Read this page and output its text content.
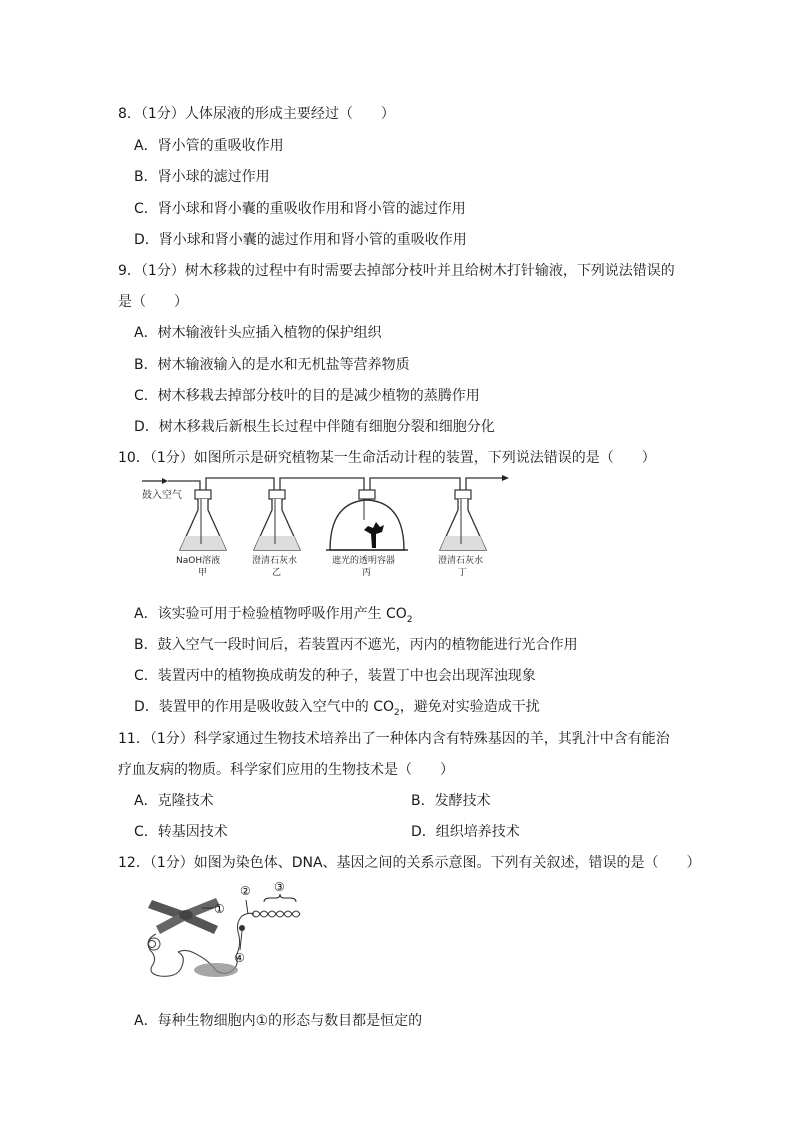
8．（1分）人体尿液的形成主要经过（　　）
A．肾小管的重吸收作用
B．肾小球的滤过作用
C．肾小球和肾小囊的重吸收作用和肾小管的滤过作用
D．肾小球和肾小囊的滤过作用和肾小管的重吸收作用
9．（1分）树木移栽的过程中有时需要去掉部分枝叶并且给树木打针输液，下列说法错误的
是（　　）
A．树木输液针头应插入植物的保护组织
B．树木输液输入的是水和无机盐等营养物质
C．树木移栽去掉部分枝叶的目的是减少植物的蒸腾作用
D．树木移栽后新根生长过程中伴随有细胞分裂和细胞分化
10．（1分）如图所示是研究植物某一生命活动计程的装置，下列说法错误的是（　　）
鼓入空气
NaOH溶液
甲
澄清石灰水
乙
遮光的透明容器
丙
澄清石灰水
丁
A．该实验可用于检验植物呼吸作用产生 $CO_2$
B．鼓入空气一段时间后，若装置丙不遮光，丙内的植物能进行光合作用
C．装置丙中的植物换成萌发的种子，装置丁中也会出现浑浊现象
D．装置甲的作用是吸收鼓入空气中的 $CO_2$，避免对实验造成干扰
11．（1分）科学家通过生物技术培养出了一种体内含有特殊基因的羊，其乳汁中含有能治
疗血友病的物质。科学家们应用的生物技术是（　　）
A．克隆技术	B．发酵技术
C．转基因技术	D．组织培养技术
12．（1分）如图为染色体、DNA、基因之间的关系示意图。下列有关叙述，错误的是（　　）
①
② ③
④
A．每种生物细胞内①的形态与数目都是恒定的
